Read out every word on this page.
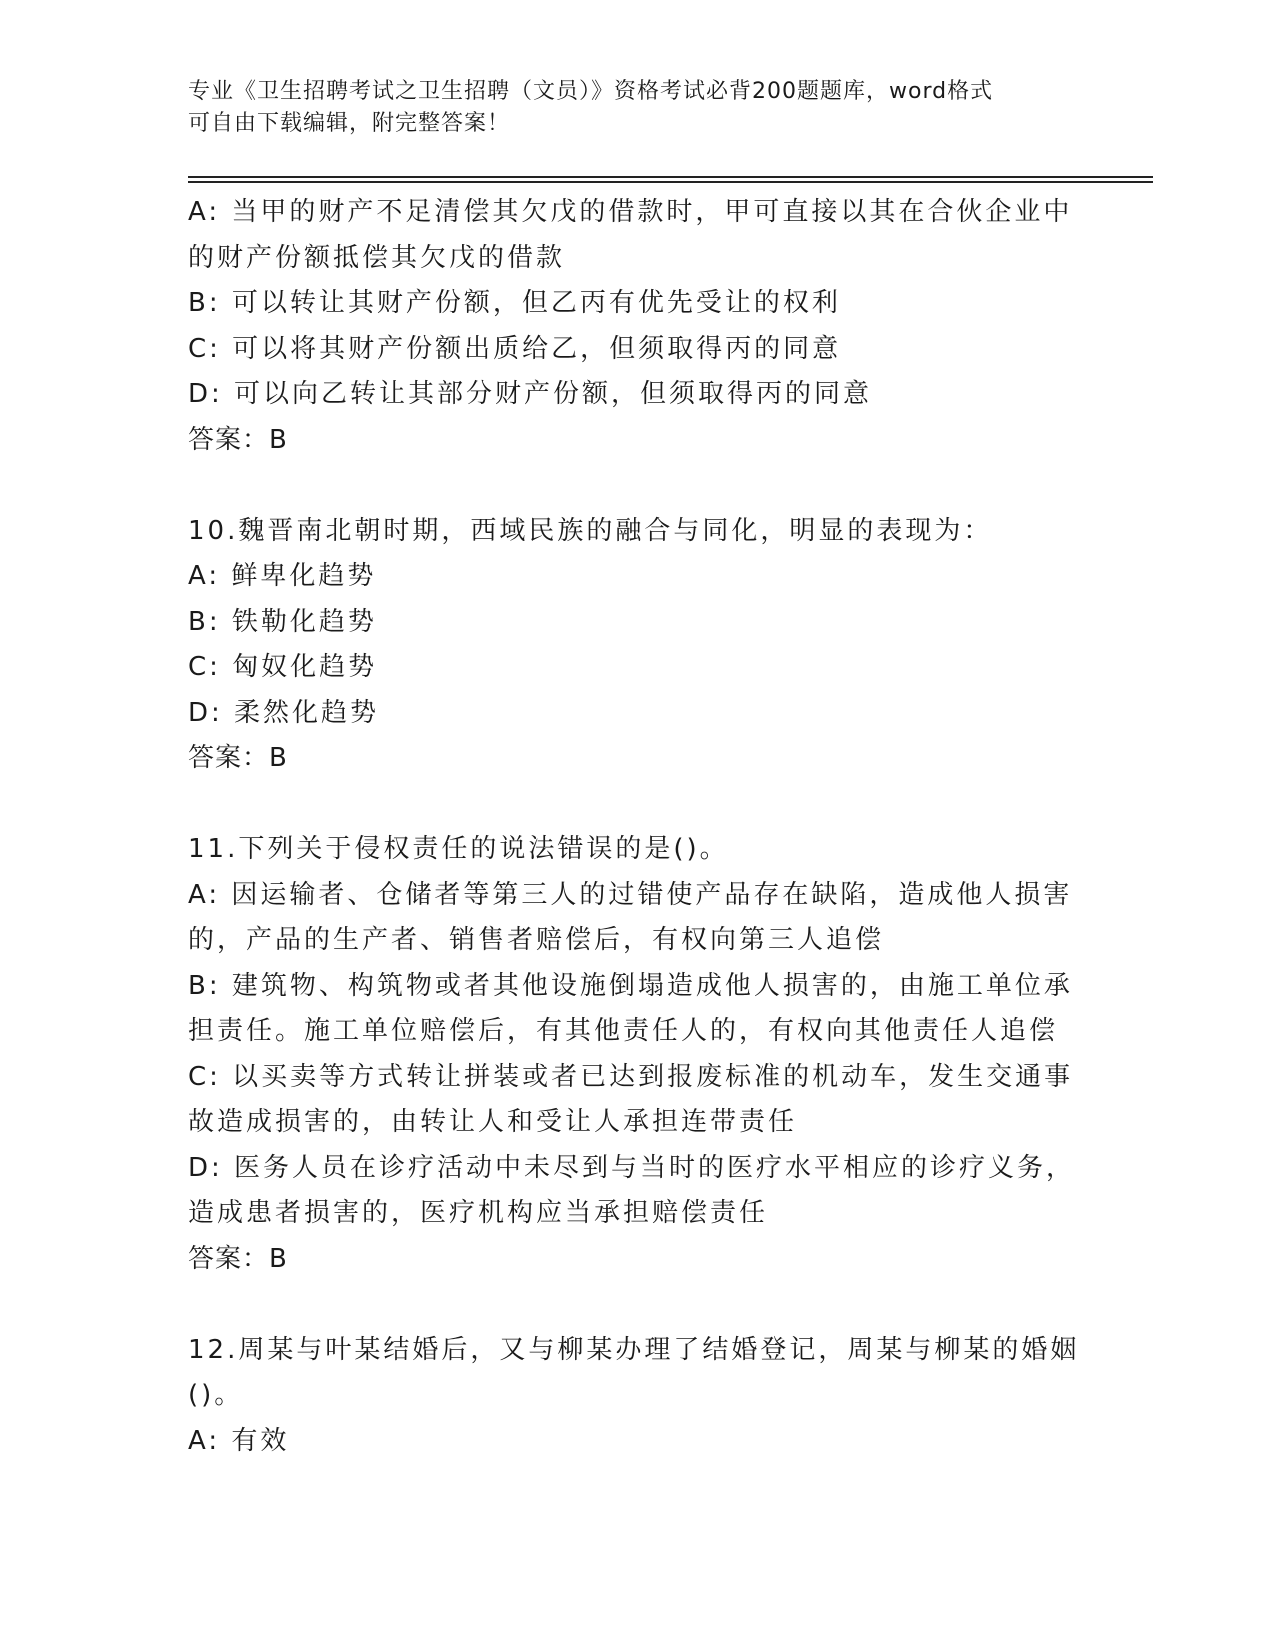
专业《卫生招聘考试之卫生招聘（文员）》资格考试必背200题题库，word格式
可自由下载编辑，附完整答案！
A: 当甲的财产不足清偿其欠戊的借款时，甲可直接以其在合伙企业中
的财产份额抵偿其欠戊的借款
B: 可以转让其财产份额，但乙丙有优先受让的权利
C: 可以将其财产份额出质给乙，但须取得丙的同意
D: 可以向乙转让其部分财产份额，但须取得丙的同意
答案：B
10.魏晋南北朝时期，西域民族的融合与同化，明显的表现为：
A: 鲜卑化趋势
B: 铁勒化趋势
C: 匈奴化趋势
D: 柔然化趋势
答案：B
11.下列关于侵权责任的说法错误的是()。
A: 因运输者、仓储者等第三人的过错使产品存在缺陷，造成他人损害
的，产品的生产者、销售者赔偿后，有权向第三人追偿
B: 建筑物、构筑物或者其他设施倒塌造成他人损害的，由施工单位承
担责任。施工单位赔偿后，有其他责任人的，有权向其他责任人追偿
C: 以买卖等方式转让拼装或者已达到报废标准的机动车，发生交通事
故造成损害的，由转让人和受让人承担连带责任
D: 医务人员在诊疗活动中未尽到与当时的医疗水平相应的诊疗义务，
造成患者损害的，医疗机构应当承担赔偿责任
答案：B
12.周某与叶某结婚后，又与柳某办理了结婚登记，周某与柳某的婚姻
()。
A: 有效
